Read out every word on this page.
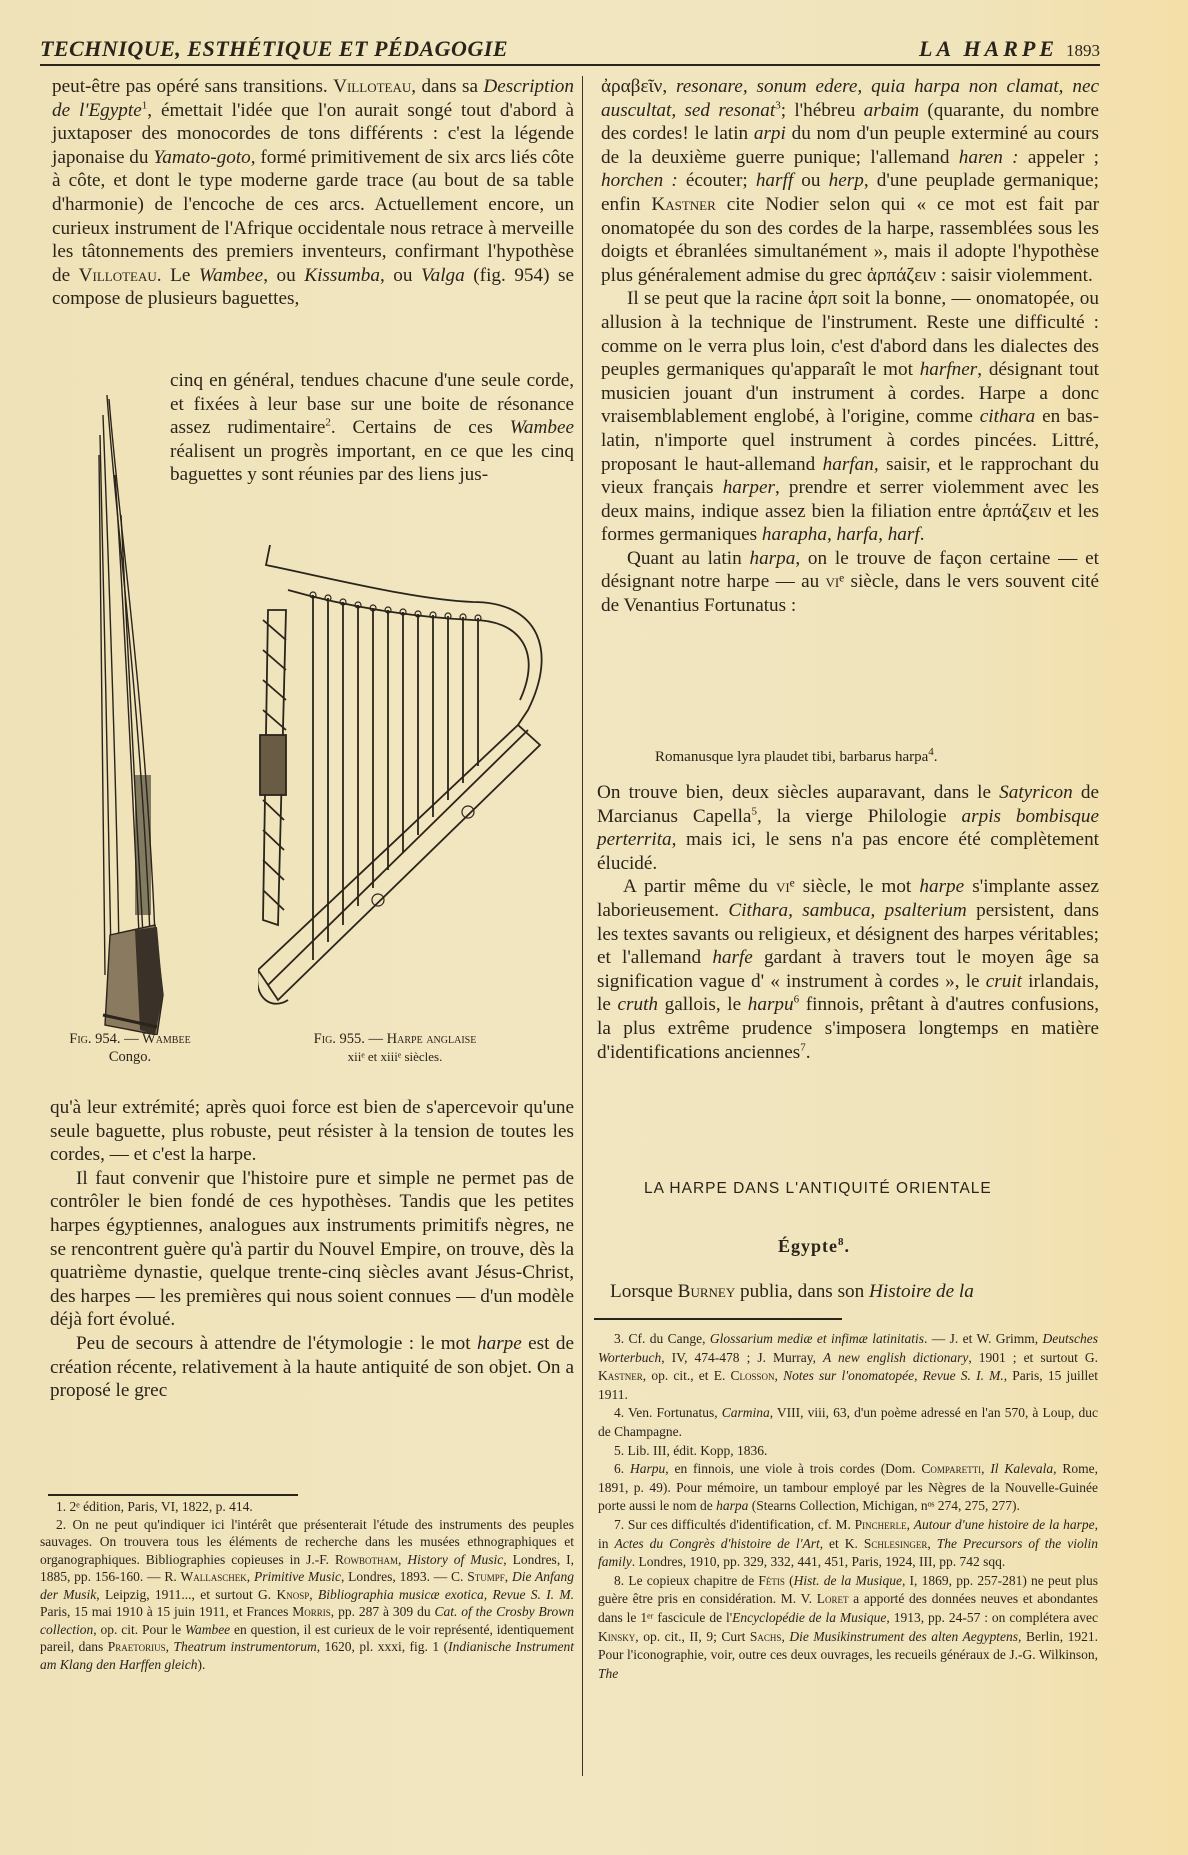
TECHNIQUE, ESTHÉTIQUE ET PÉDAGOGIE	LA HARPE 1893

peut-être pas opéré sans transitions. Villoteau, dans sa Description de l'Egypte$^1$, émettait l'idée que l'on aurait songé tout d'abord à juxtaposer des monocordes de tons différents : c'est la légende japonaise du Yamato-goto, formé primitivement de six arcs liés côte à côte, et dont le type moderne garde trace (au bout de sa table d'harmonie) de l'encoche de ces arcs. Actuellement encore, un curieux instrument de l'Afrique occidentale nous retrace à merveille les tâtonnements des premiers inventeurs, confirmant l'hypothèse de Villoteau. Le Wambee, ou Kissumba, ou Valga (fig. 954) se compose de plusieurs baguettes,

cinq en général, tendues chacune d'une seule corde, et fixées à leur base sur une boite de résonance assez rudimentaire$^2$. Certains de ces Wambee réalisent un progrès important, en ce que les cinq baguettes y sont réunies par des liens jus-

Fig. 954. — Wambee
Congo.
Fig. 955. — Harpe anglaise
xiiᵉ et xiiiᵉ siècles.

qu'à leur extrémité; après quoi force est bien de s'apercevoir qu'une seule baguette, plus robuste, peut résister à la tension de toutes les cordes, — et c'est la harpe.

Il faut convenir que l'histoire pure et simple ne permet pas de contrôler le bien fondé de ces hypothèses. Tandis que les petites harpes égyptiennes, analogues aux instruments primitifs nègres, ne se rencontrent guère qu'à partir du Nouvel Empire, on trouve, dès la quatrième dynastie, quelque trente-cinq siècles avant Jésus-Christ, des harpes — les premières qui nous soient connues — d'un modèle déjà fort évolué.

Peu de secours à attendre de l'étymologie : le mot harpe est de création récente, relativement à la haute antiquité de son objet. On a proposé le grec

1. 2ᵉ édition, Paris, VI, 1822, p. 414.

2. On ne peut qu'indiquer ici l'intérêt que présenterait l'étude des instruments des peuples sauvages. On trouvera tous les éléments de recherche dans les musées ethnographiques et organographiques. Bibliographies copieuses in J.-F. Rowbotham, History of Music, Londres, I, 1885, pp. 156-160. — R. Wallaschek, Primitive Music, Londres, 1893. — C. Stumpf, Die Anfang der Musik, Leipzig, 1911..., et surtout G. Knosp, Bibliographia musicæ exotica, Revue S. I. M. Paris, 15 mai 1910 à 15 juin 1911, et Frances Morris, pp. 287 à 309 du Cat. of the Crosby Brown collection, op. cit. Pour le Wambee en question, il est curieux de le voir représenté, identiquement pareil, dans Praetorius, Theatrum instrumentorum, 1620, pl. xxxi, fig. 1 (Indianische Instrument am Klang den Harffen gleich).

ἀραβεῖν, resonare, sonum edere, quia harpa non clamat, nec auscultat, sed resonat$^3$; l'hébreu arbaim (quarante, du nombre des cordes! le latin arpi du nom d'un peuple exterminé au cours de la deuxième guerre punique; l'allemand haren : appeler ; horchen : écouter; harff ou herp, d'une peuplade germanique; enfin Kastner cite Nodier selon qui « ce mot est fait par onomatopée du son des cordes de la harpe, rassemblées sous les doigts et ébranlées simultanément », mais il adopte l'hypothèse plus généralement admise du grec ἁρπάζειν : saisir violemment.

Il se peut que la racine ἁρπ soit la bonne, — onomatopée, ou allusion à la technique de l'instrument. Reste une difficulté : comme on le verra plus loin, c'est d'abord dans les dialectes des peuples germaniques qu'apparaît le mot harfner, désignant tout musicien jouant d'un instrument à cordes. Harpe a donc vraisemblablement englobé, à l'origine, comme cithara en bas-latin, n'importe quel instrument à cordes pincées. Littré, proposant le haut-allemand harfan, saisir, et le rapprochant du vieux français harper, prendre et serrer violemment avec les deux mains, indique assez bien la filiation entre ἁρπάζειν et les formes germaniques harapha, harfa, harf.

Quant au latin harpa, on le trouve de façon certaine — et désignant notre harpe — au viᵉ siècle, dans le vers souvent cité de Venantius Fortunatus :

Romanusque lyra plaudet tibi, barbarus harpa$^4$.

On trouve bien, deux siècles auparavant, dans le Satyricon de Marcianus Capella$^5$, la vierge Philologie arpis bombisque perterrita, mais ici, le sens n'a pas encore été complètement élucidé.

A partir même du viᵉ siècle, le mot harpe s'implante assez laborieusement. Cithara, sambuca, psalterium persistent, dans les textes savants ou religieux, et désignent des harpes véritables; et l'allemand harfe gardant à travers tout le moyen âge sa signification vague d' « instrument à cordes », le cruit irlandais, le cruth gallois, le harpu$^6$ finnois, prêtant à d'autres confusions, la plus extrême prudence s'imposera longtemps en matière d'identifications anciennes$^7$.

LA HARPE DANS L'ANTIQUITÉ ORIENTALE
Égypte$^8$.

Lorsque Burney publia, dans son Histoire de la

3. Cf. du Cange, Glossarium mediæ et infimæ latinitatis. — J. et W. Grimm, Deutsches Worterbuch, IV, 474-478 ; J. Murray, A new english dictionary, 1901 ; et surtout G. Kastner, op. cit., et E. Closson, Notes sur l'onomatopée, Revue S. I. M., Paris, 15 juillet 1911.

4. Ven. Fortunatus, Carmina, VIII, viii, 63, d'un poème adressé en l'an 570, à Loup, duc de Champagne.

5. Lib. III, édit. Kopp, 1836.

6. Harpu, en finnois, une viole à trois cordes (Dom. Comparetti, Il Kalevala, Rome, 1891, p. 49). Pour mémoire, un tambour employé par les Nègres de la Nouvelle-Guinée porte aussi le nom de harpa (Stearns Collection, Michigan, nᵒˢ 274, 275, 277).

7. Sur ces difficultés d'identification, cf. M. Pincherle, Autour d'une histoire de la harpe, in Actes du Congrès d'histoire de l'Art, et K. Schlesinger, The Precursors of the violin family. Londres, 1910, pp. 329, 332, 441, 451, Paris, 1924, III, pp. 742 sqq.

8. Le copieux chapitre de Fétis (Hist. de la Musique, I, 1869, pp. 257-281) ne peut plus guère être pris en considération. M. V. Loret a apporté des données neuves et abondantes dans le 1ᵉʳ fascicule de l'Encyclopédie de la Musique, 1913, pp. 24-57 : on complétera avec Kinsky, op. cit., II, 9; Curt Sachs, Die Musikinstrument des alten Aegyptens, Berlin, 1921. Pour l'iconographie, voir, outre ces deux ouvrages, les recueils généraux de J.-G. Wilkinson, The
